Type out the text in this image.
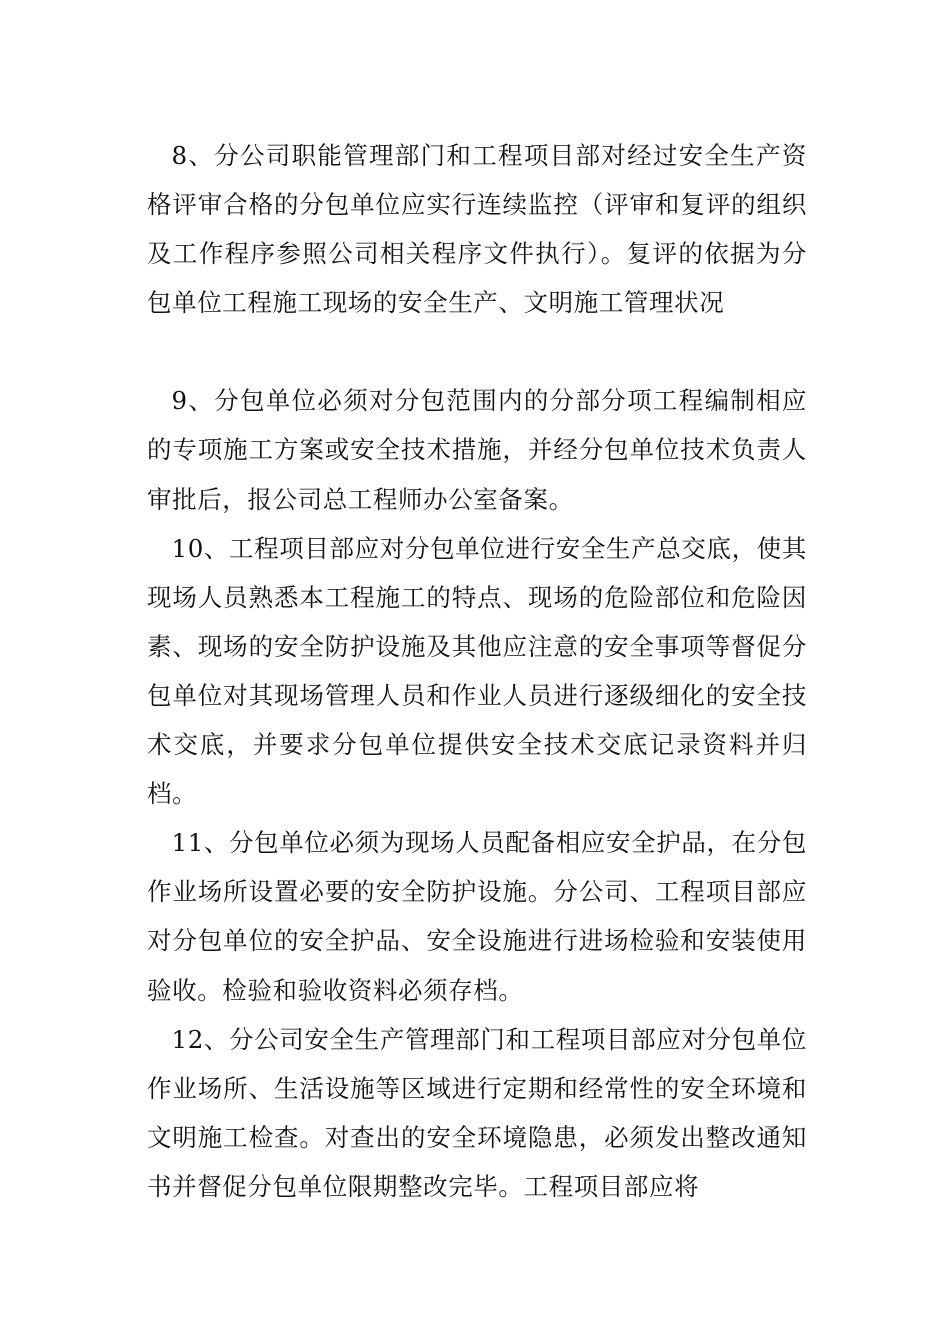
8、分公司职能管理部门和工程项目部对经过安全生产资格评审合格的分包单位应实行连续监控（评审和复评的组织及工作程序参照公司相关程序文件执行）。复评的依据为分包单位工程施工现场的安全生产、文明施工管理状况

9、分包单位必须对分包范围内的分部分项工程编制相应的专项施工方案或安全技术措施，并经分包单位技术负责人审批后，报公司总工程师办公室备案。

10、工程项目部应对分包单位进行安全生产总交底，使其现场人员熟悉本工程施工的特点、现场的危险部位和危险因素、现场的安全防护设施及其他应注意的安全事项等督促分包单位对其现场管理人员和作业人员进行逐级细化的安全技术交底，并要求分包单位提供安全技术交底记录资料并归档。

11、分包单位必须为现场人员配备相应安全护品，在分包作业场所设置必要的安全防护设施。分公司、工程项目部应对分包单位的安全护品、安全设施进行进场检验和安装使用验收。检验和验收资料必须存档。

12、分公司安全生产管理部门和工程项目部应对分包单位作业场所、生活设施等区域进行定期和经常性的安全环境和文明施工检查。对查出的安全环境隐患，必须发出整改通知书并督促分包单位限期整改完毕。工程项目部应将
